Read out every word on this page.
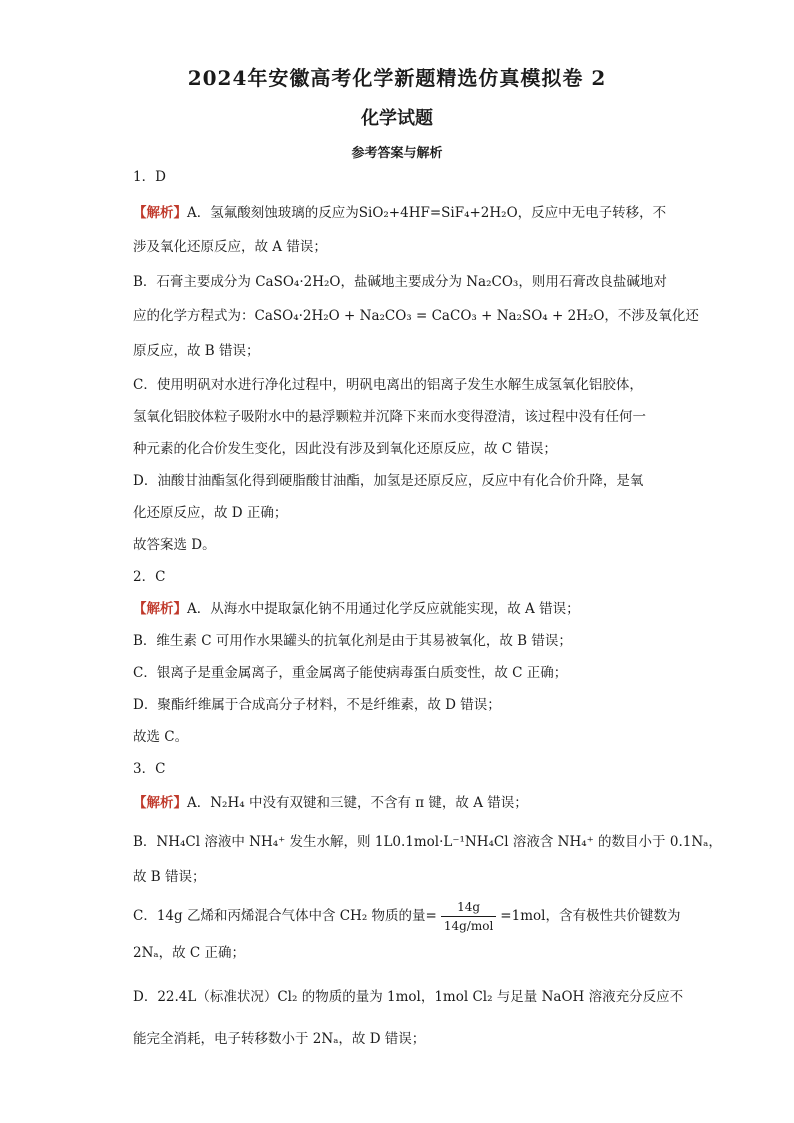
2024年安徽高考化学新题精选仿真模拟卷 2
化学试题
参考答案与解析
1．D
【解析】A．氢氟酸刻蚀玻璃的反应为SiO₂+4HF=SiF₄+2H₂O，反应中无电子转移，不
涉及氧化还原反应，故 A 错误；
B．石膏主要成分为 CaSO₄·2H₂O，盐碱地主要成分为 Na₂CO₃，则用石膏改良盐碱地对
应的化学方程式为：CaSO₄·2H₂O + Na₂CO₃ = CaCO₃ + Na₂SO₄ + 2H₂O，不涉及氧化还
原反应，故 B 错误；
C．使用明矾对水进行净化过程中，明矾电离出的铝离子发生水解生成氢氧化铝胶体，
氢氧化铝胶体粒子吸附水中的悬浮颗粒并沉降下来而水变得澄清，该过程中没有任何一
种元素的化合价发生变化，因此没有涉及到氧化还原反应，故 C 错误；
D．油酸甘油酯氢化得到硬脂酸甘油酯，加氢是还原反应，反应中有化合价升降，是氧
化还原反应，故 D 正确；
故答案选 D。
2．C
【解析】A．从海水中提取氯化钠不用通过化学反应就能实现，故 A 错误；
B．维生素 C 可用作水果罐头的抗氧化剂是由于其易被氧化，故 B 错误；
C．银离子是重金属离子，重金属离子能使病毒蛋白质变性，故 C 正确；
D．聚酯纤维属于合成高分子材料，不是纤维素，故 D 错误；
故选 C。
3．C
【解析】A．N₂H₄ 中没有双键和三键，不含有 π 键，故 A 错误；
B．NH₄Cl 溶液中 NH₄⁺ 发生水解，则 1L0.1mol·L⁻¹NH₄Cl 溶液含 NH₄⁺ 的数目小于 0.1Nₐ，
故 B 错误；
C．14g 乙烯和丙烯混合气体中含 CH₂ 物质的量= $\frac{14g}{\text{14g/mol}} =1mol$，含有极性共价键数为
2Nₐ，故 C 正确；
D．22.4L（标准状况）Cl₂ 的物质的量为 1mol，1mol Cl₂ 与足量 NaOH 溶液充分反应不
能完全消耗，电子转移数小于 2Nₐ，故 D 错误；
